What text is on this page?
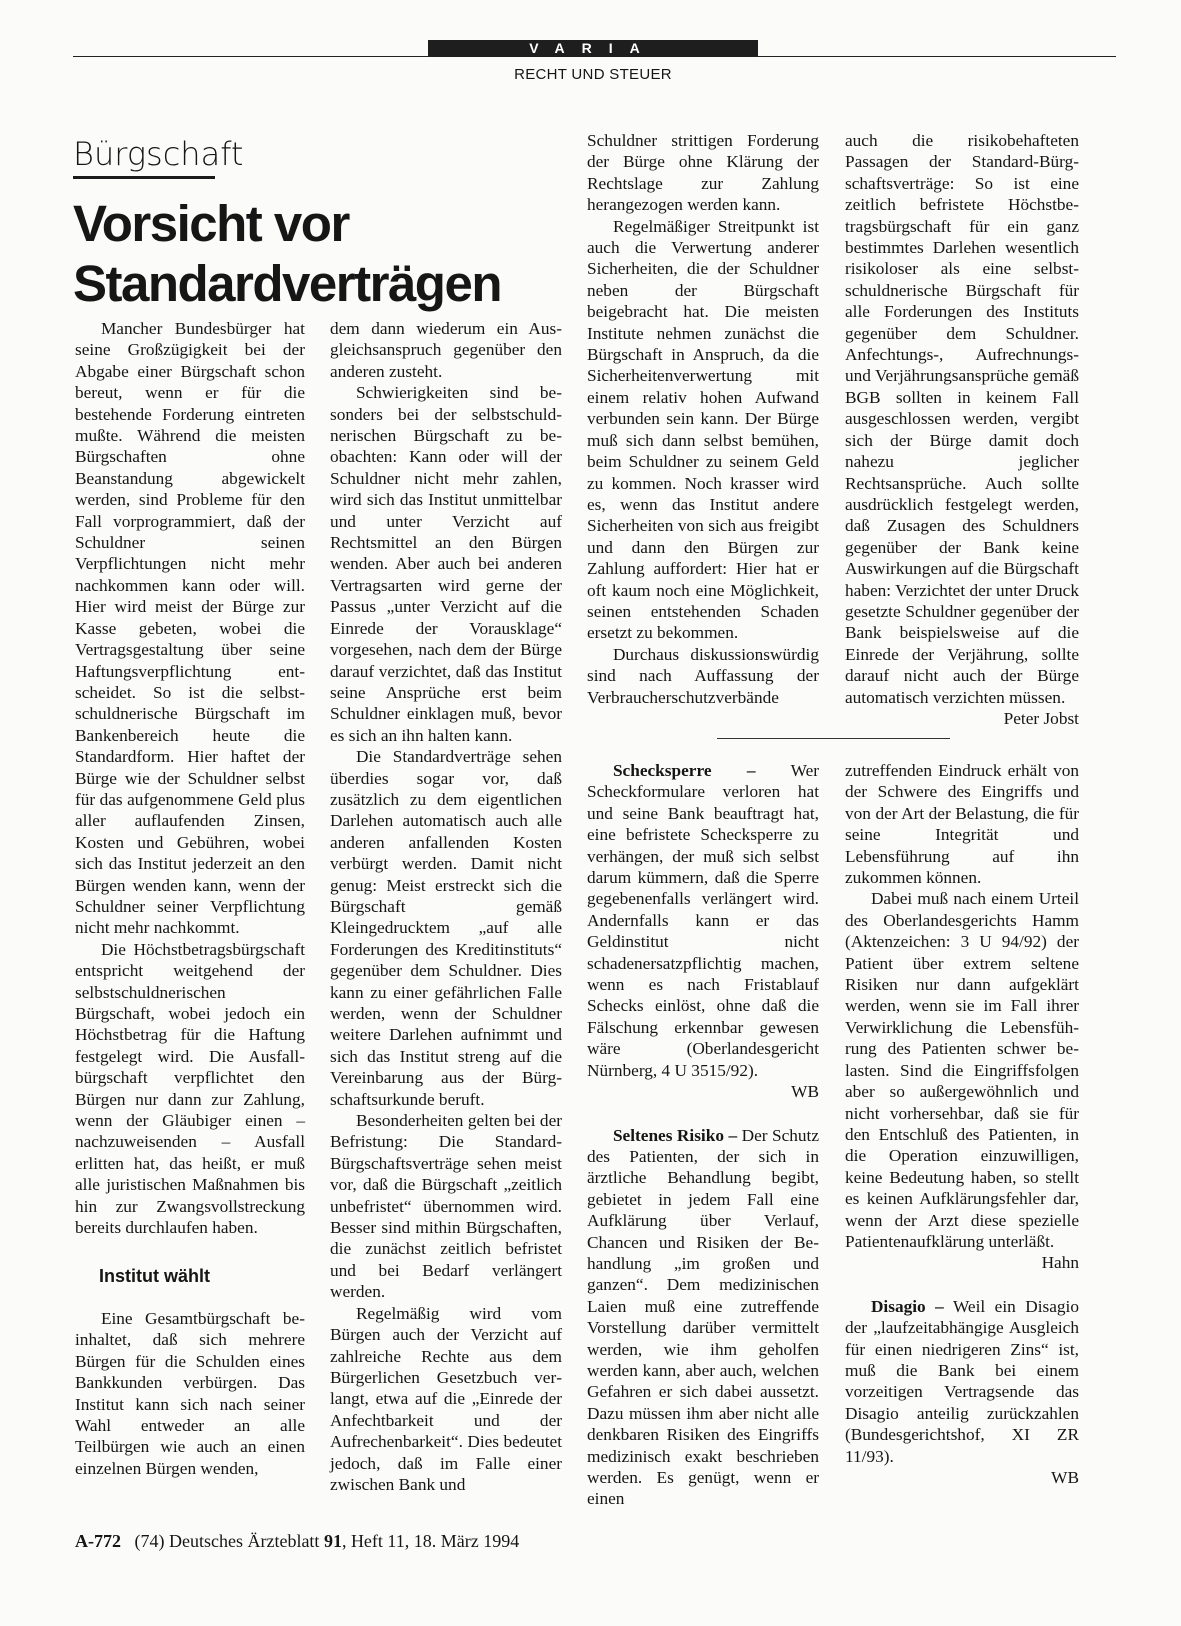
VARIA
RECHT UND STEUER
Bürgschaft
Vorsicht vor Standardverträgen

Mancher Bundesbürger hat seine Großzügigkeit bei der Abgabe einer Bürgschaft schon bereut, wenn er für die bestehende Forderung eintreten mußte. Während die meisten Bürgschaften ohne Beanstandung abgewickelt werden, sind Probleme für den Fall vorprogrammiert, daß der Schuldner seinen Verpflichtungen nicht mehr nachkommen kann oder will. Hier wird meist der Bürge zur Kasse gebeten, wobei die Vertragsgestaltung über seine Haftungsverpflichtung entscheidet. So ist die selbstschuldnerische Bürgschaft im Bankenbereich heute die Standardform. Hier haftet der Bürge wie der Schuldner selbst für das aufgenommene Geld plus aller auflaufenden Zinsen, Kosten und Gebühren, wobei sich das Institut jederzeit an den Bürgen wenden kann, wenn der Schuldner seiner Verpflichtung nicht mehr nachkommt.

Die Höchstbetragsbürgschaft entspricht weitgehend der selbstschuldnerischen Bürgschaft, wobei jedoch ein Höchstbetrag für die Haftung festgelegt wird. Die Ausfallbürgschaft verpflichtet den Bürgen nur dann zur Zahlung, wenn der Gläubiger einen – nachzuweisenden – Ausfall erlitten hat, das heißt, er muß alle juristischen Maßnahmen bis hin zur Zwangsvollstreckung bereits durchlaufen haben.

Institut wählt

Eine Gesamtbürgschaft beinhaltet, daß sich mehrere Bürgen für die Schulden eines Bankkunden verbürgen. Das Institut kann sich nach seiner Wahl entweder an alle Teilbürgen wie auch an einen einzelnen Bürgen wenden,

dem dann wiederum ein Ausgleichsanspruch gegenüber den anderen zusteht.

Schwierigkeiten sind besonders bei der selbstschuldnerischen Bürgschaft zu beobachten: Kann oder will der Schuldner nicht mehr zahlen, wird sich das Institut unmittelbar und unter Verzicht auf Rechtsmittel an den Bürgen wenden. Aber auch bei anderen Vertragsarten wird gerne der Passus „unter Verzicht auf die Einrede der Vorausklage“ vorgesehen, nach dem der Bürge darauf verzichtet, daß das Institut seine Ansprüche erst beim Schuldner einklagen muß, bevor es sich an ihn halten kann.

Die Standardverträge sehen überdies sogar vor, daß zusätzlich zu dem eigentlichen Darlehen automatisch auch alle anderen anfallenden Kosten verbürgt werden. Damit nicht genug: Meist erstreckt sich die Bürgschaft gemäß Kleingedrucktem „auf alle Forderungen des Kreditinstituts“ gegenüber dem Schuldner. Dies kann zu einer gefährlichen Falle werden, wenn der Schuldner weitere Darlehen aufnimmt und sich das Institut streng auf die Vereinbarung aus der Bürgschaftsurkunde beruft.

Besonderheiten gelten bei der Befristung: Die Standard-Bürgschaftsverträge sehen meist vor, daß die Bürgschaft „zeitlich unbefristet“ übernommen wird. Besser sind mithin Bürgschaften, die zunächst zeitlich befristet und bei Bedarf verlängert werden.

Regelmäßig wird vom Bürgen auch der Verzicht auf zahlreiche Rechte aus dem Bürgerlichen Gesetzbuch verlangt, etwa auf die „Einrede der Anfechtbarkeit und der Aufrechenbarkeit“. Dies bedeutet jedoch, daß im Falle einer zwischen Bank und

Schuldner strittigen Forderung der Bürge ohne Klärung der Rechtslage zur Zahlung herangezogen werden kann.

Regelmäßiger Streitpunkt ist auch die Verwertung anderer Sicherheiten, die der Schuldner neben der Bürgschaft beigebracht hat. Die meisten Institute nehmen zunächst die Bürgschaft in Anspruch, da die Sicherheitenverwertung mit einem relativ hohen Aufwand verbunden sein kann. Der Bürge muß sich dann selbst bemühen, beim Schuldner zu seinem Geld zu kommen. Noch krasser wird es, wenn das Institut andere Sicherheiten von sich aus freigibt und dann den Bürgen zur Zahlung auffordert: Hier hat er oft kaum noch eine Möglichkeit, seinen entstehenden Schaden ersetzt zu bekommen.

Durchaus diskussionswürdig sind nach Auffassung der Verbraucherschutzverbände

auch die risikobehafteten Passagen der Standard-Bürgschaftsverträge: So ist eine zeitlich befristete Höchstbetragsbürgschaft für ein ganz bestimmtes Darlehen wesentlich risikoloser als eine selbstschuldnerische Bürgschaft für alle Forderungen des Instituts gegenüber dem Schuldner. Anfechtungs-, Aufrechnungs- und Verjährungsansprüche gemäß BGB sollten in keinem Fall ausgeschlossen werden, vergibt sich der Bürge damit doch nahezu jeglicher Rechtsansprüche. Auch sollte ausdrücklich festgelegt werden, daß Zusagen des Schuldners gegenüber der Bank keine Auswirkungen auf die Bürgschaft haben: Verzichtet der unter Druck gesetzte Schuldner gegenüber der Bank beispielsweise auf die Einrede der Verjährung, sollte darauf nicht auch der Bürge automatisch verzichten müssen.

Peter Jobst

Schecksperre – Wer Scheckformulare verloren hat und seine Bank beauftragt hat, eine befristete Schecksperre zu verhängen, der muß sich selbst darum kümmern, daß die Sperre gegebenenfalls verlängert wird. Andernfalls kann er das Geldinstitut nicht schadenersatzpflichtig machen, wenn es nach Fristablauf Schecks einlöst, ohne daß die Fälschung erkennbar gewesen wäre (Oberlandesgericht Nürnberg, 4 U 3515/92).

WB

Seltenes Risiko – Der Schutz des Patienten, der sich in ärztliche Behandlung begibt, gebietet in jedem Fall eine Aufklärung über Verlauf, Chancen und Risiken der Behandlung „im großen und ganzen“. Dem medizinischen Laien muß eine zutreffende Vorstellung darüber vermittelt werden, wie ihm geholfen werden kann, aber auch, welchen Gefahren er sich dabei aussetzt. Dazu müssen ihm aber nicht alle denkbaren Risiken des Eingriffs medizinisch exakt beschrieben werden. Es genügt, wenn er einen

zutreffenden Eindruck erhält von der Schwere des Eingriffs und von der Art der Belastung, die für seine Integrität und Lebensführung auf ihn zukommen können.

Dabei muß nach einem Urteil des Oberlandesgerichts Hamm (Aktenzeichen: 3 U 94/92) der Patient über extrem seltene Risiken nur dann aufgeklärt werden, wenn sie im Fall ihrer Verwirklichung die Lebensführung des Patienten schwer belasten. Sind die Eingriffsfolgen aber so außergewöhnlich und nicht vorhersehbar, daß sie für den Entschluß des Patienten, in die Operation einzuwilligen, keine Bedeutung haben, so stellt es keinen Aufklärungsfehler dar, wenn der Arzt diese spezielle Patientenaufklärung unterläßt.

Hahn

Disagio – Weil ein Disagio der „laufzeitabhängige Ausgleich für einen niedrigeren Zins“ ist, muß die Bank bei einem vorzeitigen Vertragsende das Disagio anteilig zurückzahlen (Bundesgerichtshof, XI ZR 11/93).

WB

A-772 (74) Deutsches Ärzteblatt 91, Heft 11, 18. März 1994
